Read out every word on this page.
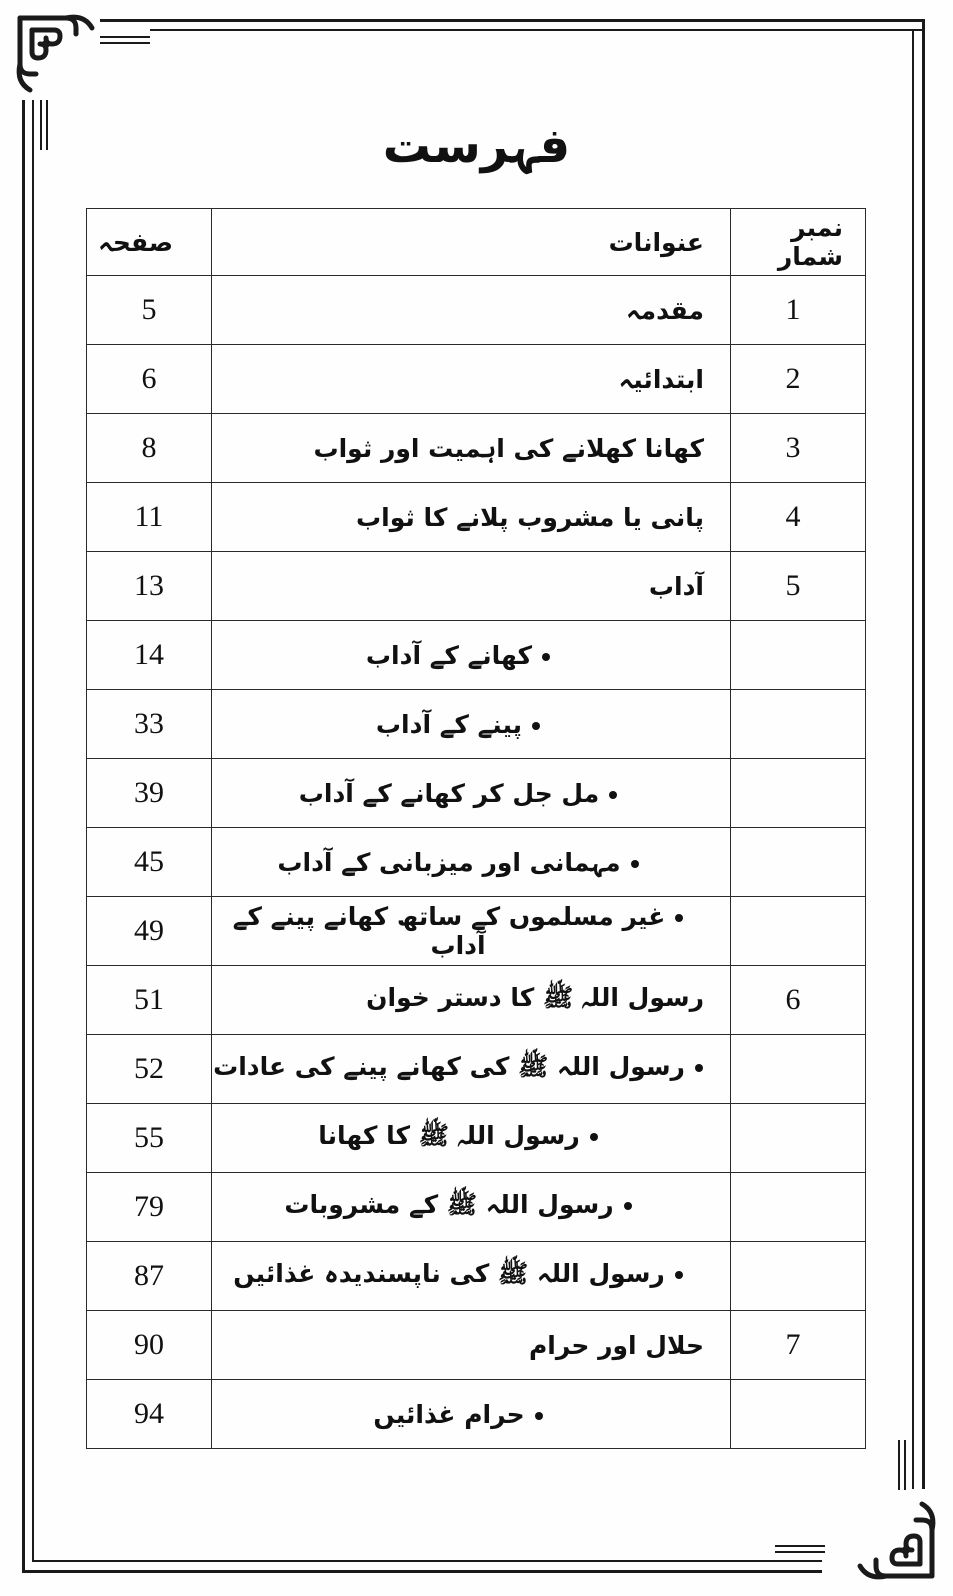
فہرست
نمبر شمار	عنوانات	صفحہ
1	مقدمہ	5
2	ابتدائیہ	6
3	کھانا کھلانے کی اہمیت اور ثواب	8
4	پانی یا مشروب پلانے کا ثواب	11
5	آداب	13
	کھانے کے آداب	14
	پینے کے آداب	33
	مل جل کر کھانے کے آداب	39
	مہمانی اور میزبانی کے آداب	45
	غیر مسلموں کے ساتھ کھانے پینے کے آداب	49
6	رسول اللہ ﷺ کا دستر خوان	51
	رسول اللہ ﷺ کی کھانے پینے کی عادات	52
	رسول اللہ ﷺ کا کھانا	55
	رسول اللہ ﷺ کے مشروبات	79
	رسول اللہ ﷺ کی ناپسندیدہ غذائیں	87
7	حلال اور حرام	90
	حرام غذائیں	94
